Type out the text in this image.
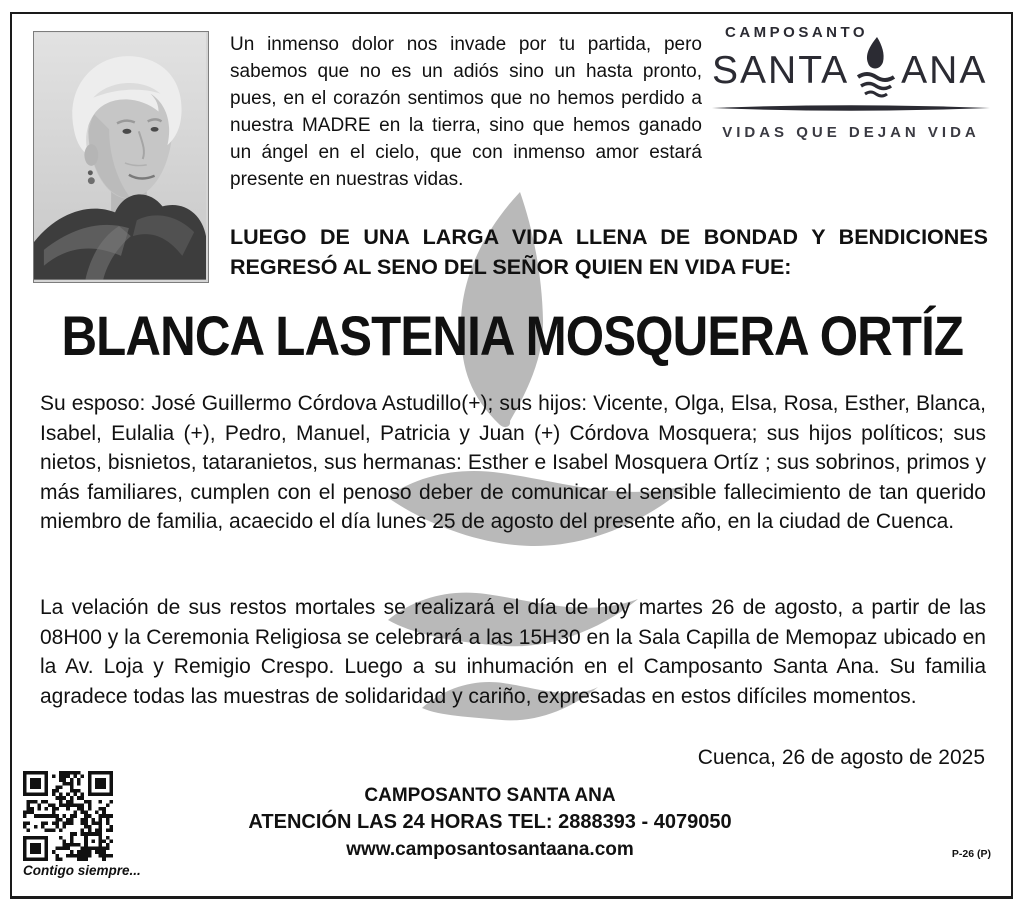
Un inmenso dolor nos invade por tu partida, pero sabemos que no es un adiós sino un hasta pronto, pues, en el corazón sentimos que no hemos perdido a nuestra MADRE en la tierra, sino que hemos ganado un ángel en el cielo, que con inmenso amor estará presente en nuestras vidas.
CAMPOSANTO
SANTA ANA
VIDAS QUE DEJAN VIDA
LUEGO DE UNA LARGA VIDA LLENA DE BONDAD Y BENDICIONES
REGRESÓ AL SENO DEL SEÑOR QUIEN EN VIDA FUE:
BLANCA LASTENIA MOSQUERA ORTÍZ
Su esposo: José Guillermo Córdova Astudillo(+); sus hijos: Vicente, Olga, Elsa, Rosa, Esther, Blanca, Isabel, Eulalia (+), Pedro, Manuel, Patricia y Juan (+) Córdova Mosquera; sus hijos políticos; sus nietos, bisnietos, tataranietos, sus hermanas: Esther e Isabel Mosquera Ortíz ; sus sobrinos, primos y más familiares, cumplen con el penoso deber de comunicar el sensible fallecimiento de tan querido miembro de familia, acaecido el día lunes 25 de agosto del presente año, en la ciudad de Cuenca.
La velación de sus restos mortales se realizará el día de hoy martes 26 de agosto, a partir de las 08H00 y la Ceremonia Religiosa se celebrará a las 15H30 en la Sala Capilla de Memopaz ubicado en la Av. Loja y Remigio Crespo. Luego a su inhumación en el Camposanto Santa Ana. Su familia agradece todas las muestras de solidaridad y cariño, expresadas en estos difíciles momentos.
Cuenca, 26 de agosto de 2025
CAMPOSANTO SANTA ANA
ATENCIÓN LAS 24 HORAS TEL: 2888393 - 4079050
www.camposantosantaana.com
Contigo siempre...
P-26 (P)
